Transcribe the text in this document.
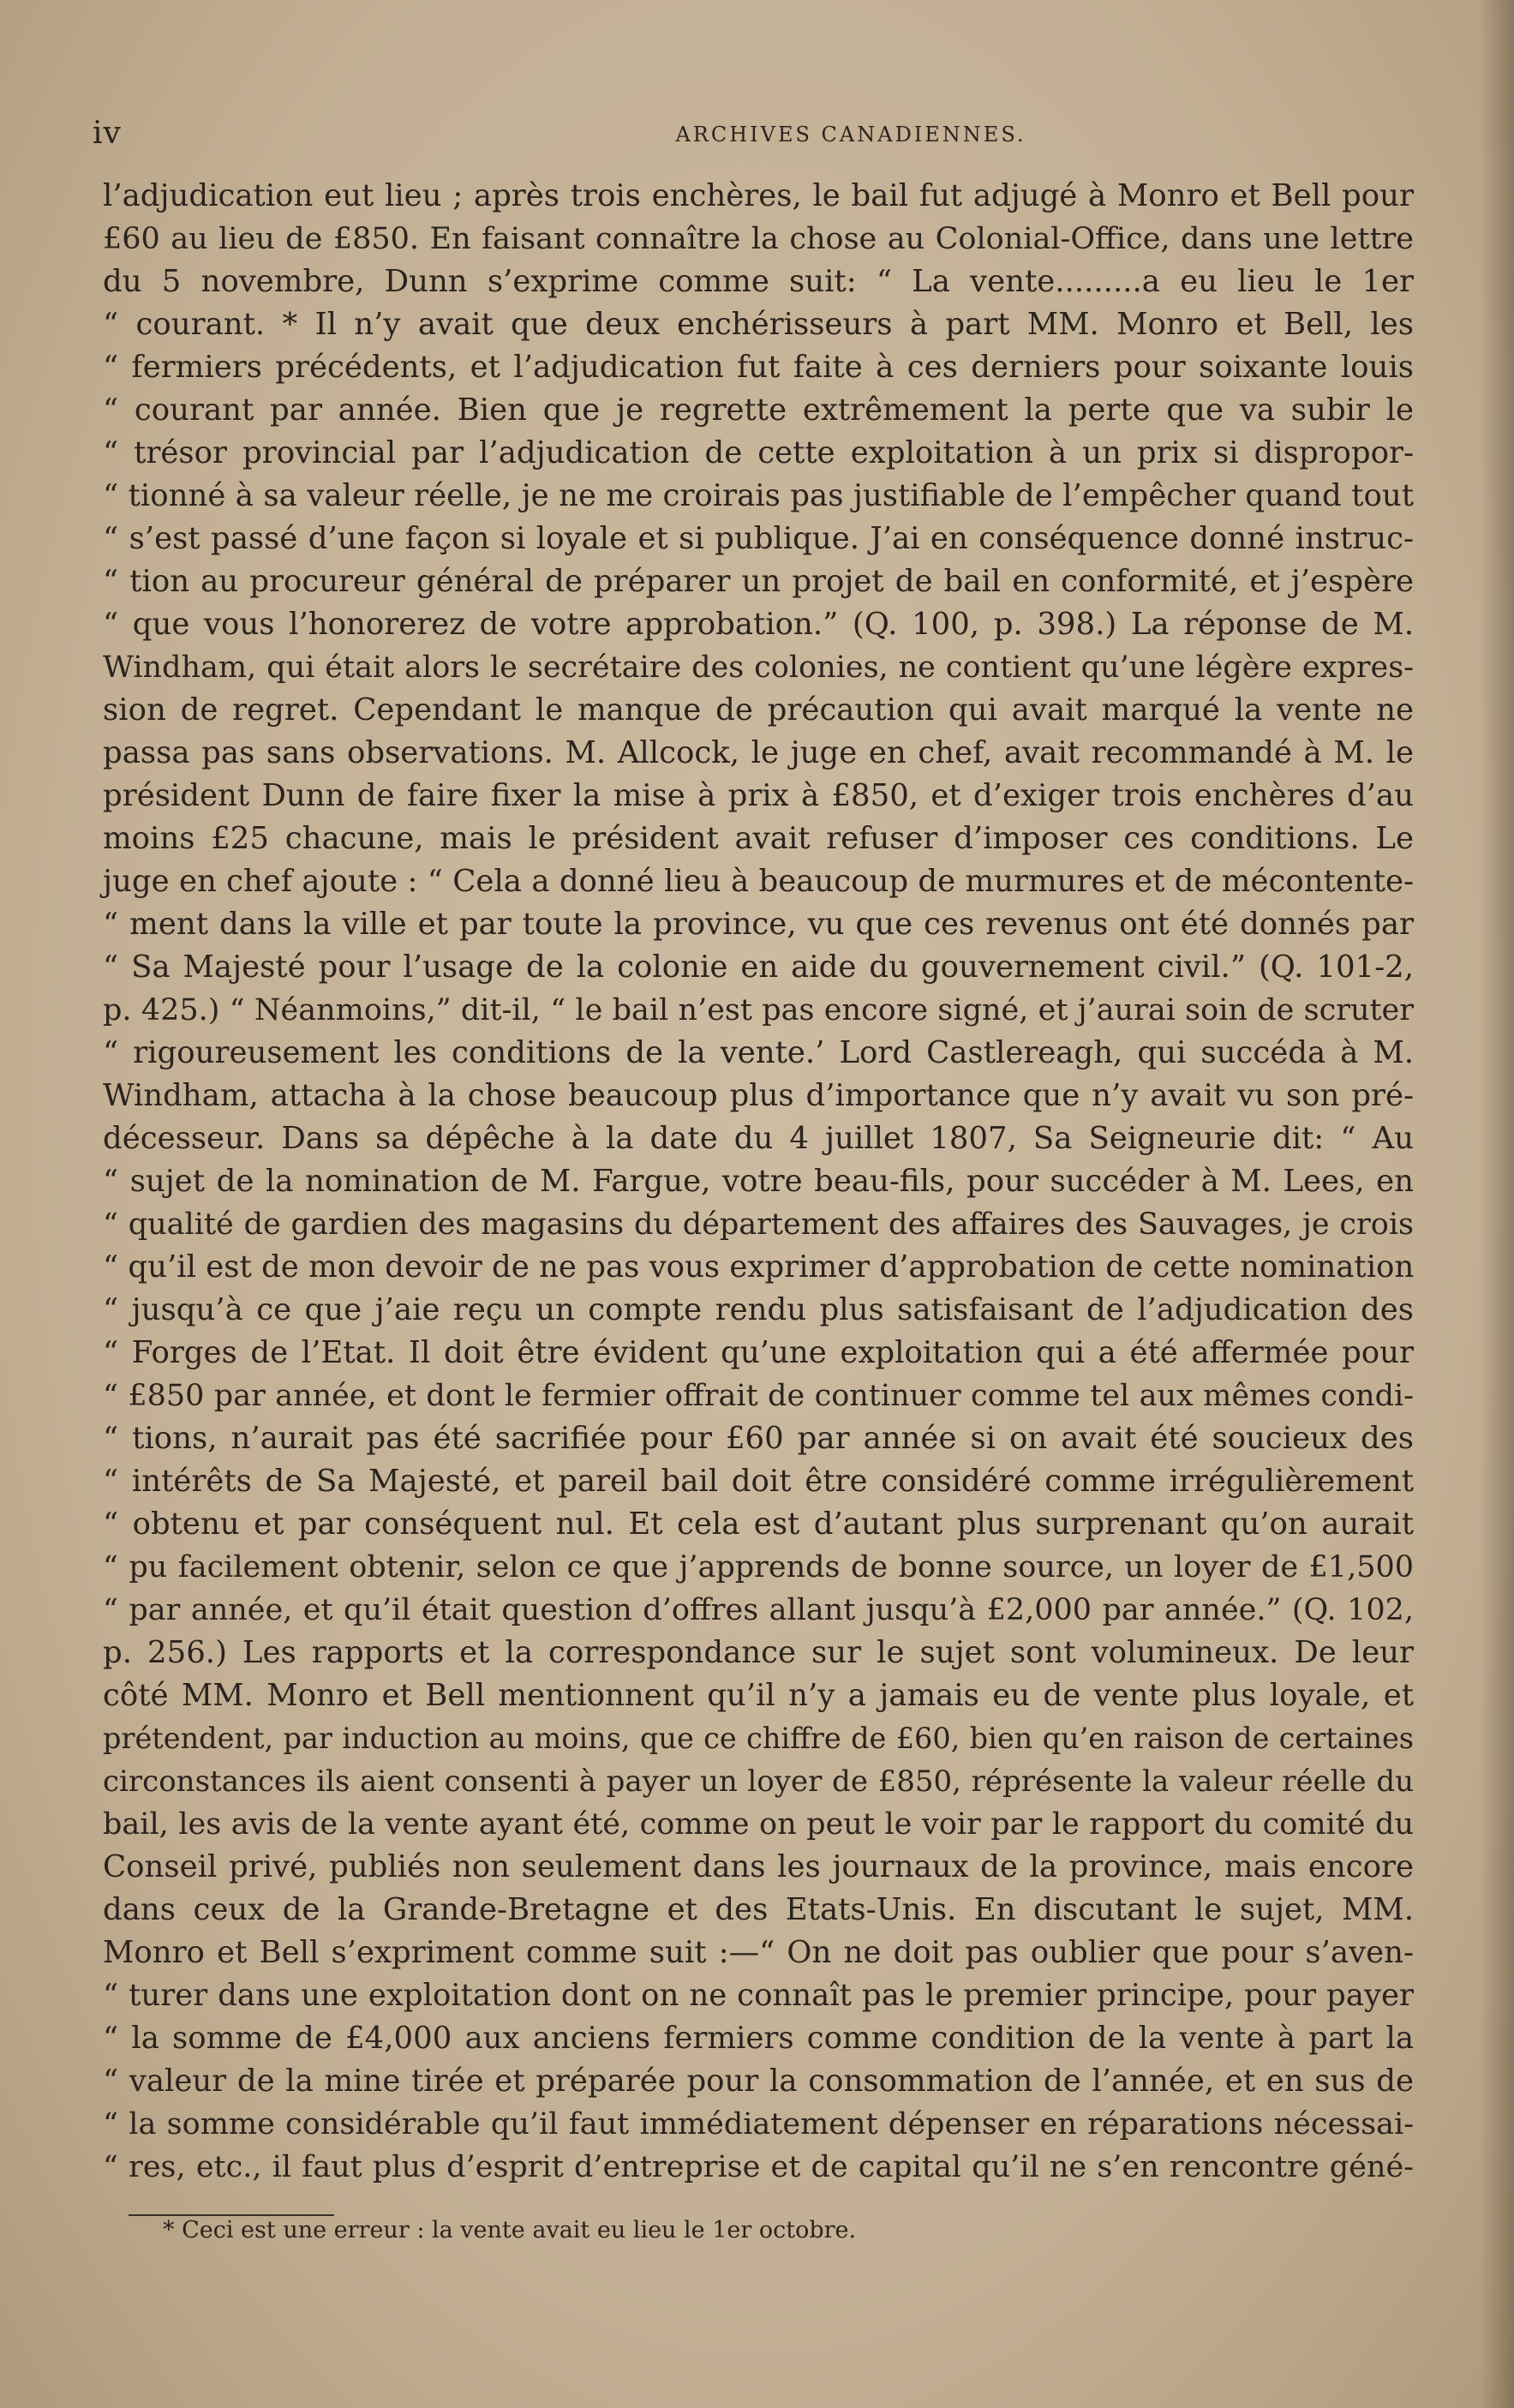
iv	ARCHIVES CANADIENNES.
l’adjudication eut lieu ; après trois enchères, le bail fut adjugé à Monro et Bell pour
£60 au lieu de £850. En faisant connaître la chose au Colonial-Office, dans une lettre
du 5 novembre, Dunn s’exprime comme suit: “ La vente.........a eu lieu le 1er
“ courant. * Il n’y avait que deux enchérisseurs à part MM. Monro et Bell, les
“ fermiers précédents, et l’adjudication fut faite à ces derniers pour soixante louis
“ courant par année. Bien que je regrette extrêmement la perte que va subir le
“ trésor provincial par l’adjudication de cette exploitation à un prix si dispropor-
“ tionné à sa valeur réelle, je ne me croirais pas justifiable de l’empêcher quand tout
“ s’est passé d’une façon si loyale et si publique. J’ai en conséquence donné instruc-
“ tion au procureur général de préparer un projet de bail en conformité, et j’espère
“ que vous l’honorerez de votre approbation.” (Q. 100, p. 398.) La réponse de M.
Windham, qui était alors le secrétaire des colonies, ne contient qu’une légère expres-
sion de regret. Cependant le manque de précaution qui avait marqué la vente ne
passa pas sans observations. M. Allcock, le juge en chef, avait recommandé à M. le
président Dunn de faire fixer la mise à prix à £850, et d’exiger trois enchères d’au
moins £25 chacune, mais le président avait refuser d’imposer ces conditions. Le
juge en chef ajoute : “ Cela a donné lieu à beaucoup de murmures et de mécontente-
“ ment dans la ville et par toute la province, vu que ces revenus ont été donnés par
“ Sa Majesté pour l’usage de la colonie en aide du gouvernement civil.” (Q. 101-2,
p. 425.) “ Néanmoins,” dit-il, “ le bail n’est pas encore signé, et j’aurai soin de scruter
“ rigoureusement les conditions de la vente.’ Lord Castlereagh, qui succéda à M.
Windham, attacha à la chose beaucoup plus d’importance que n’y avait vu son pré-
décesseur. Dans sa dépêche à la date du 4 juillet 1807, Sa Seigneurie dit: “ Au
“ sujet de la nomination de M. Fargue, votre beau-fils, pour succéder à M. Lees, en
“ qualité de gardien des magasins du département des affaires des Sauvages, je crois
“ qu’il est de mon devoir de ne pas vous exprimer d’approbation de cette nomination
“ jusqu’à ce que j’aie reçu un compte rendu plus satisfaisant de l’adjudication des
“ Forges de l’Etat. Il doit être évident qu’une exploitation qui a été affermée pour
“ £850 par année, et dont le fermier offrait de continuer comme tel aux mêmes condi-
“ tions, n’aurait pas été sacrifiée pour £60 par année si on avait été soucieux des
“ intérêts de Sa Majesté, et pareil bail doit être considéré comme irrégulièrement
“ obtenu et par conséquent nul. Et cela est d’autant plus surprenant qu’on aurait
“ pu facilement obtenir, selon ce que j’apprends de bonne source, un loyer de £1,500
“ par année, et qu’il était question d’offres allant jusqu’à £2,000 par année.” (Q. 102,
p. 256.) Les rapports et la correspondance sur le sujet sont volumineux. De leur
côté MM. Monro et Bell mentionnent qu’il n’y a jamais eu de vente plus loyale, et
prétendent, par induction au moins, que ce chiffre de £60, bien qu’en raison de certaines
circonstances ils aient consenti à payer un loyer de £850, réprésente la valeur réelle du
bail, les avis de la vente ayant été, comme on peut le voir par le rapport du comité du
Conseil privé, publiés non seulement dans les journaux de la province, mais encore
dans ceux de la Grande-Bretagne et des Etats-Unis. En discutant le sujet, MM.
Monro et Bell s’expriment comme suit :—“ On ne doit pas oublier que pour s’aven-
“ turer dans une exploitation dont on ne connaît pas le premier principe, pour payer
“ la somme de £4,000 aux anciens fermiers comme condition de la vente à part la
“ valeur de la mine tirée et préparée pour la consommation de l’année, et en sus de
“ la somme considérable qu’il faut immédiatement dépenser en réparations nécessai-
“ res, etc., il faut plus d’esprit d’entreprise et de capital qu’il ne s’en rencontre géné-
* Ceci est une erreur : la vente avait eu lieu le 1er octobre.
